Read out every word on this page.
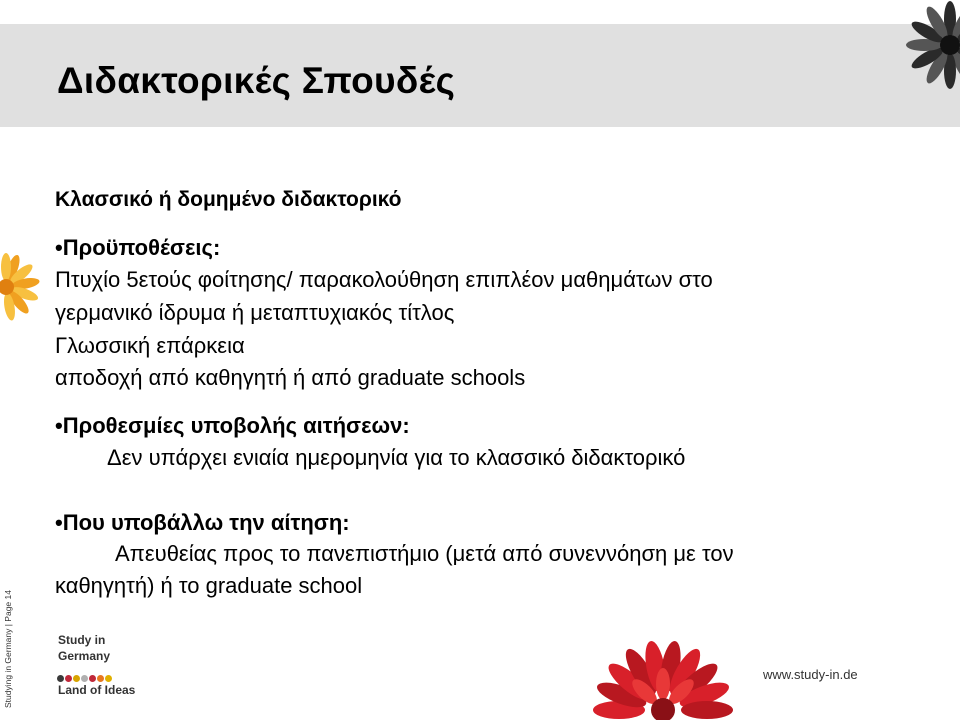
Διδακτορικές Σπουδές
Κλασσικό ή δομημένο διδακτορικό
•Προϋποθέσεις:
Πτυχίο 5ετούς φοίτησης/ παρακολούθηση επιπλέον μαθημάτων στο
γερμανικό ίδρυμα ή μεταπτυχιακός τίτλος
Γλωσσική επάρκεια
αποδοχή από καθηγητή ή από graduate schools
•Προθεσμίες υποβολής αιτήσεων:
Δεν υπάρχει ενιαία ημερομηνία για το κλασσικό διδακτορικό
•Που υποβάλλω την αίτηση:
Απευθείας προς το πανεπιστήμιο (μετά από συνεννόηση με τον
καθηγητή) ή το graduate school
Studying in Germany | Page 14	Study in
Germany
Land of Ideas
www.study-in.de
